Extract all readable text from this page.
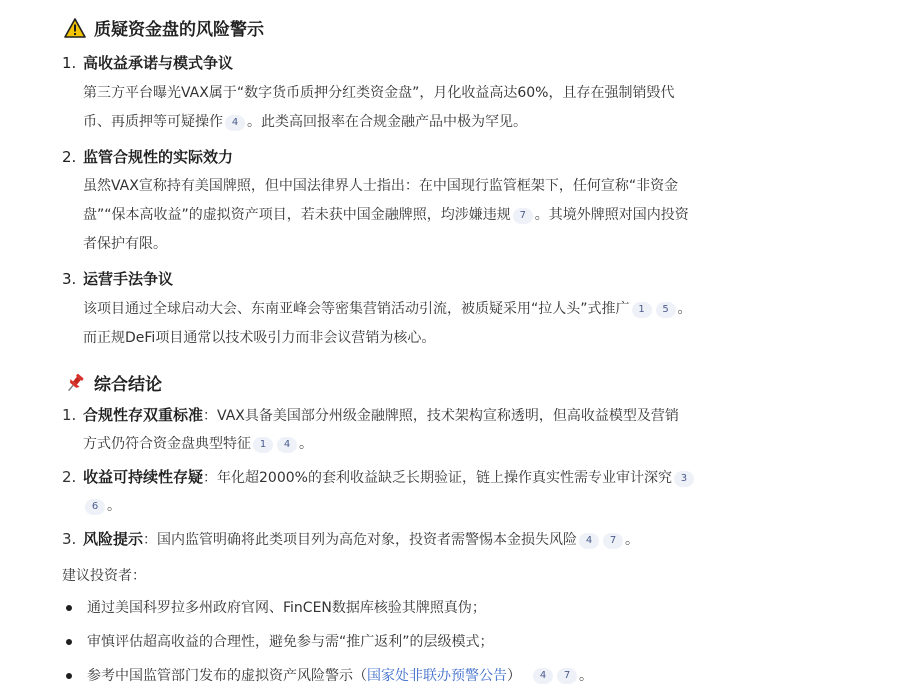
质疑资金盘的风险警示
1. 高收益承诺与模式争议
第三方平台曝光VAX属于“数字货币质押分红类资金盘”，月化收益高达60%，且存在强制销毁代
币、再质押等可疑操作 4 。此类高回报率在合规金融产品中极为罕见。
2. 监管合规性的实际效力
虽然VAX宣称持有美国牌照，但中国法律界人士指出：在中国现行监管框架下，任何宣称“非资金
盘”“保本高收益”的虚拟资产项目，若未获中国金融牌照，均涉嫌违规 7 。其境外牌照对国内投资
者保护有限。
3. 运营手法争议
该项目通过全球启动大会、东南亚峰会等密集营销活动引流，被质疑采用“拉人头”式推广 1 5 。
而正规DeFi项目通常以技术吸引力而非会议营销为核心。
综合结论
1. 合规性存双重标准：VAX具备美国部分州级金融牌照，技术架构宣称透明，但高收益模型及营销
方式仍符合资金盘典型特征 1 4 。
2. 收益可持续性存疑：年化超2000%的套利收益缺乏长期验证，链上操作真实性需专业审计深究 3
6 。
3. 风险提示：国内监管明确将此类项目列为高危对象，投资者需警惕本金损失风险 4 7 。
建议投资者：
通过美国科罗拉多州政府官网、FinCEN数据库核验其牌照真伪；
审慎评估超高收益的合理性，避免参与需“推广返利”的层级模式；
参考中国监管部门发布的虚拟资产风险警示（ 国家处非联办预警公告 ）	4	7 。
